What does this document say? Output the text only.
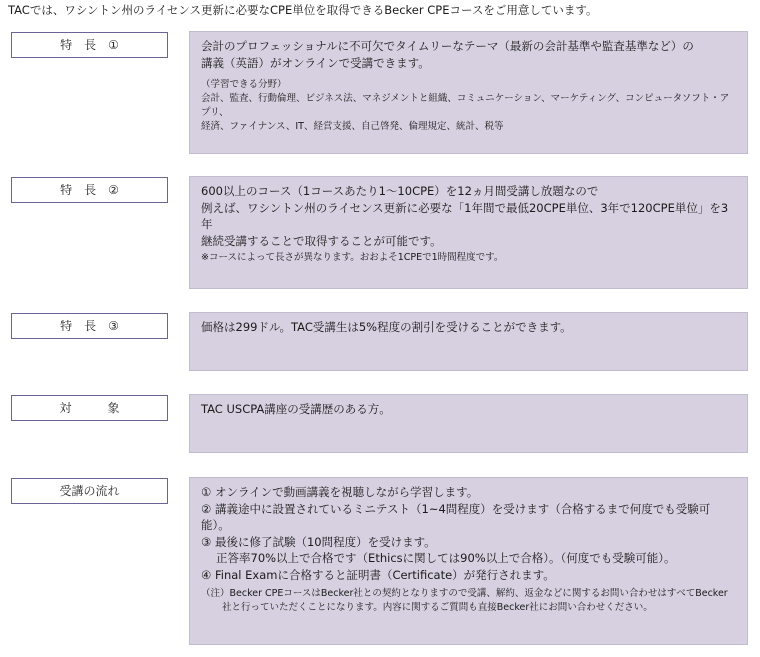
TACでは、ワシントン州のライセンス更新に必要なCPE単位を取得できるBecker CPEコースをご用意しています。
特　長　①	会計のプロフェッショナルに不可欠でタイムリーなテーマ（最新の会計基準や監査基準など）の

講義（英語）がオンラインで受講できます。

（学習できる分野）

会計、監査、行動倫理、ビジネス法、マネジメントと組織、コミュニケーション、マーケティング、コンピュータソフト・アプリ、

経済、ファイナンス、IT、経営支援、自己啓発、倫理規定、統計、税等

特　長　②	600以上のコース（1コースあたり1～10CPE）を12ヵ月間受講し放題なので

例えば、ワシントン州のライセンス更新に必要な「1年間で最低20CPE単位、3年で120CPE単位」を3年

継続受講することで取得することが可能です。

※コースによって長さが異なります。おおよそ1CPEで1時間程度です。

特　長　③	価格は299ドル。TAC受講生は5%程度の割引を受けることができます。

対　　　象	TAC USCPA講座の受講歴のある方。

受講の流れ	① オンラインで動画講義を視聴しながら学習します。

② 講義途中に設置されているミニテスト（1~4問程度）を受けます（合格するまで何度でも受験可能）。

③ 最後に修了試験（10問程度）を受けます。

正答率70%以上で合格です（Ethicsに関しては90%以上で合格）。（何度でも受験可能）。

④ Final Examに合格すると証明書（Certificate）が発行されます。

（注）Becker CPEコースはBecker社との契約となりますので受講、解約、返金などに関するお問い合わせはすべてBecker

社と行っていただくことになります。内容に関するご質問も直接Becker社にお問い合わせください。
